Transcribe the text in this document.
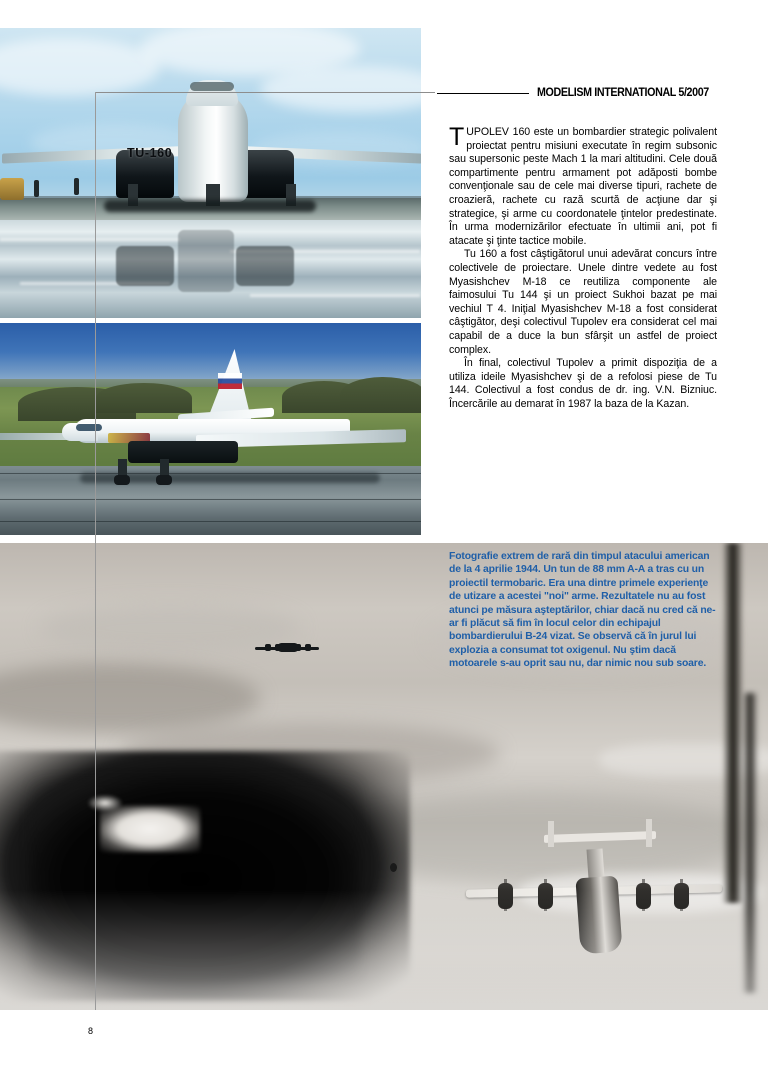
TU-160
MODELISM INTERNATIONAL 5/2007

TUPOLEV 160 este un bombardier strategic polivalent proiectat pentru misiuni executate în regim subsonic sau supersonic peste Mach 1 la mari altitudini. Cele două compartimente pentru armament pot adăposti bombe convenţionale sau de cele mai diverse tipuri, rachete de croazieră, rachete cu rază scurtă de acţiune dar şi strategice, şi arme cu coordonatele ţintelor predestinate. În urma modernizărilor efectuate în ultimii ani, pot fi atacate şi ţinte tactice mobile.

Tu 160 a fost câştigătorul unui adevărat concurs între colectivele de proiectare. Unele dintre vedete au fost Myasishchev M-18 ce reutiliza componente ale faimosului Tu 144 şi un proiect Sukhoi bazat pe mai vechiul T 4. Iniţial Myasishchev M-18 a fost considerat câştigător, deşi colectivul Tupolev era considerat cel mai capabil de a duce la bun sfârşit un astfel de proiect complex.

În final, colectivul Tupolev a primit dispoziţia de a utiliza ideile Myasishchev şi de a refolosi piese de Tu 144. Colectivul a fost condus de dr. ing. V.N. Bizniuc. Încercările au demarat în 1987 la baza de la Kazan.

Fotografie extrem de rară din timpul atacului american de la 4 aprilie 1944. Un tun de 88 mm A-A a tras cu un proiectil termobaric. Era una dintre primele experienţe de utizare a acestei "noi" arme. Rezultatele nu au fost atunci pe măsura aşteptărilor, chiar dacă nu cred că ne-ar fi plăcut să fim în locul celor din echipajul bombardierului B-24 vizat. Se observă că în jurul lui explozia a consumat tot oxigenul. Nu ştim dacă motoarele s-au oprit sau nu, dar nimic nou sub soare.

8
